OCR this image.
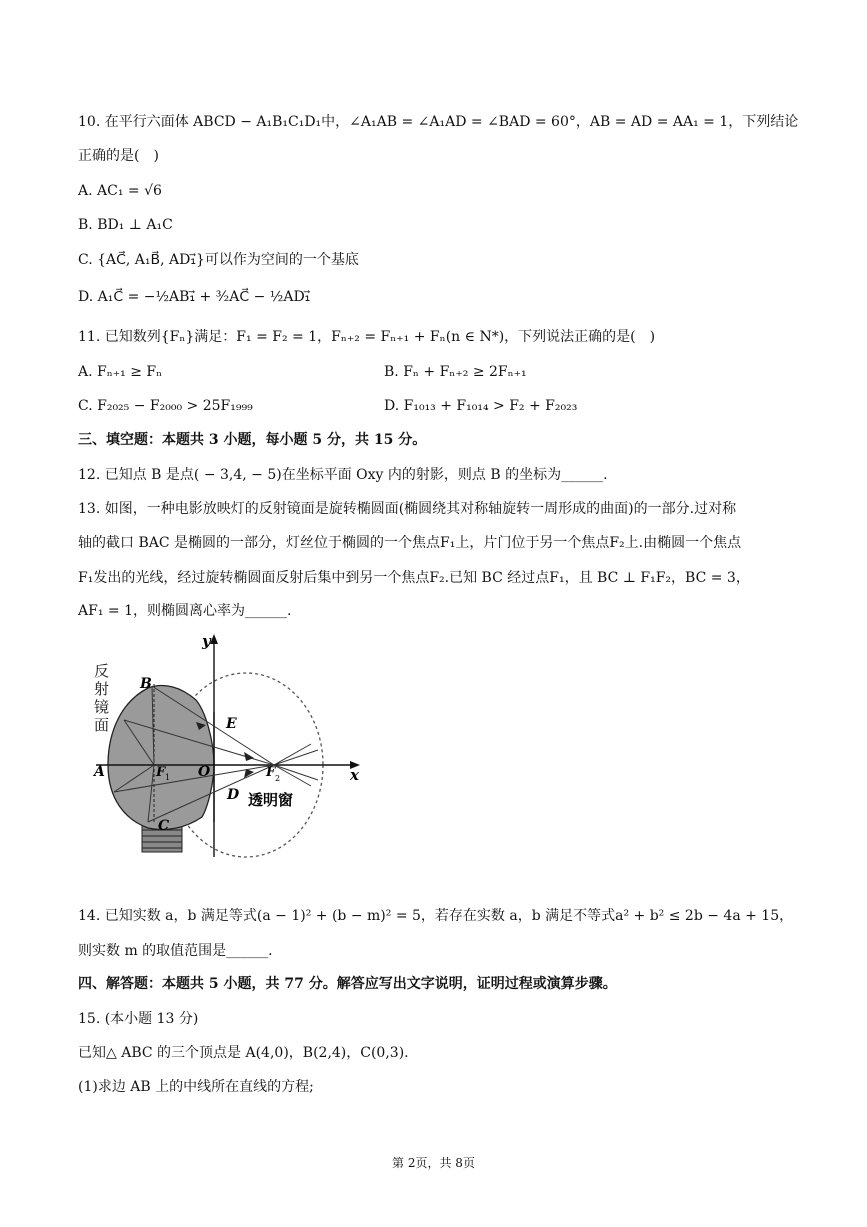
10. 在平行六面体 ABCD − A₁B₁C₁D₁中，∠A₁AB = ∠A₁AD = ∠BAD = 60°，AB = AD = AA₁ = 1，下列结论
正确的是(　)
A. AC₁ = √6
B. BD₁ ⊥ A₁C
C. {AC⃗, A₁B⃗, AD₁⃗}可以作为空间的一个基底
D. A₁C⃗ = −½AB₁⃗ + ³⁄₂AC⃗ − ½AD₁⃗
11. 已知数列{Fₙ}满足：F₁ = F₂ = 1，Fₙ₊₂ = Fₙ₊₁ + Fₙ(n ∈ N*)，下列说法正确的是(　)
A. Fₙ₊₁ ≥ Fₙ	B. Fₙ + Fₙ₊₂ ≥ 2Fₙ₊₁
C. F₂₀₂₅ − F₂₀₀₀ > 25F₁₉₉₉	D. F₁₀₁₃ + F₁₀₁₄ > F₂ + F₂₀₂₃
三、填空题：本题共 3 小题，每小题 5 分，共 15 分。
12. 已知点 B 是点( − 3,4, − 5)在坐标平面 Oxy 内的射影，则点 B 的坐标为______.
13. 如图，一种电影放映灯的反射镜面是旋转椭圆面(椭圆绕其对称轴旋转一周形成的曲面)的一部分.过对称
轴的截口 BAC 是椭圆的一部分，灯丝位于椭圆的一个焦点F₁上，片门位于另一个焦点F₂上.由椭圆一个焦点
F₁发出的光线，经过旋转椭圆面反射后集中到另一个焦点F₂.已知 BC 经过点F₁，且 BC ⊥ F₁F₂，BC = 3，
AF₁ = 1，则椭圆离心率为______.
反
射
镜
面
y
x
B
E
A	F 1 O	F 2
D
C
透明窗
14. 已知实数 a，b 满足等式(a − 1)² + (b − m)² = 5，若存在实数 a，b 满足不等式a² + b² ≤ 2b − 4a + 15，
则实数 m 的取值范围是______.
四、解答题：本题共 5 小题，共 77 分。解答应写出文字说明，证明过程或演算步骤。
15. (本小题 13 分)
已知△ ABC 的三个顶点是 A(4,0)，B(2,4)，C(0,3).
(1)求边 AB 上的中线所在直线的方程;
第 2页，共 8页
